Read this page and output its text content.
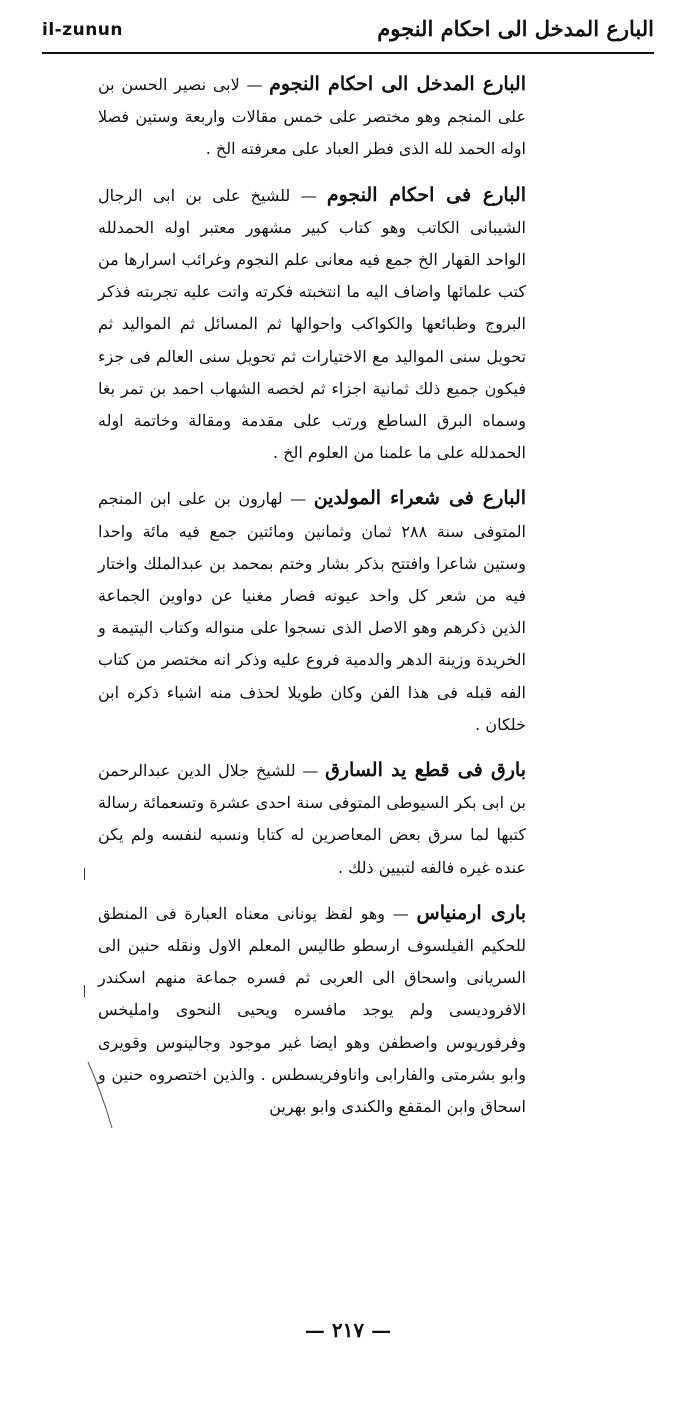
il-zunun	البارع المدخل الى احكام النجوم

البارع المدخل الى احكام النجوم — لابى نصير الحسن بن على المنجم وهو مختصر على خمس مقالات واربعة وستين فصلا اوله الحمد لله الذى فطر العباد على معرفته الخ .

البارع فى احكام النجوم — للشيخ على بن ابى الرجال الشيبانى الكاتب وهو كتاب كبير مشهور معتبر اوله الحمدلله الواحد القهار الخ جمع فيه معانى علم النجوم وغرائب اسرارها من كتب علمائها واضاف اليه ما انتخبته فكرته واتت عليه تجربته فذكر البروج وطبائعها والكواكب واحوالها ثم المسائل ثم المواليد ثم تحويل سنى المواليد مع الاختيارات ثم تحويل سنى العالم فى جزء فيكون جميع ذلك ثمانية اجزاء ثم لخصه الشهاب احمد بن تمر بغا وسماه البرق الساطع ورتب على مقدمة ومقالة وخاتمة اوله الحمدلله على ما علمنا من العلوم الخ .

البارع فى شعراء المولدين — لهارون بن على ابن المنجم المتوفى سنة ٢٨٨ ثمان وثمانين ومائتين جمع فيه مائة واحدا وستين شاعرا وافتتح بذكر بشار وختم بمحمد بن عبدالملك واختار فيه من شعر كل واحد عيونه فصار مغنيا عن دواوين الجماعة الذين ذكرهم وهو الاصل الذى نسجوا على منواله وكتاب اليتيمة و الخريدة وزينة الدهر والدمية فروع عليه وذكر انه مختصر من كتاب الفه قبله فى هذا الفن وكان طويلا لحذف منه اشياء ذكره ابن خلكان .

بارق فى قطع يد السارق — للشيخ جلال الدين عبدالرحمن بن ابى بكر السيوطى المتوفى سنة احدى عشرة وتسعمائة رسالة كتبها لما سرق بعض المعاصرين له كتابا ونسبه لنفسه ولم يكن عنده غيره فالفه لتبيين ذلك .

بارى ارمنياس — وهو لفظ يونانى معناه العبارة فى المنطق للحكيم الفيلسوف ارسطو طاليس المعلم الاول ونقله حنين الى السريانى واسحاق الى العربى ثم فسره جماعة منهم اسكندر الافروديسى ولم يوجد مافسره ويحيى النحوى وامليخس وفرفوريوس واصطفن وهو ايضا غير موجود وجالينوس وقويرى وابو بشرمتى والفارابى واناوفريسطس . والذين اختصروه حنين و اسحاق وابن المقفع والكندى وابو بهرين

— ٢١٧ —
